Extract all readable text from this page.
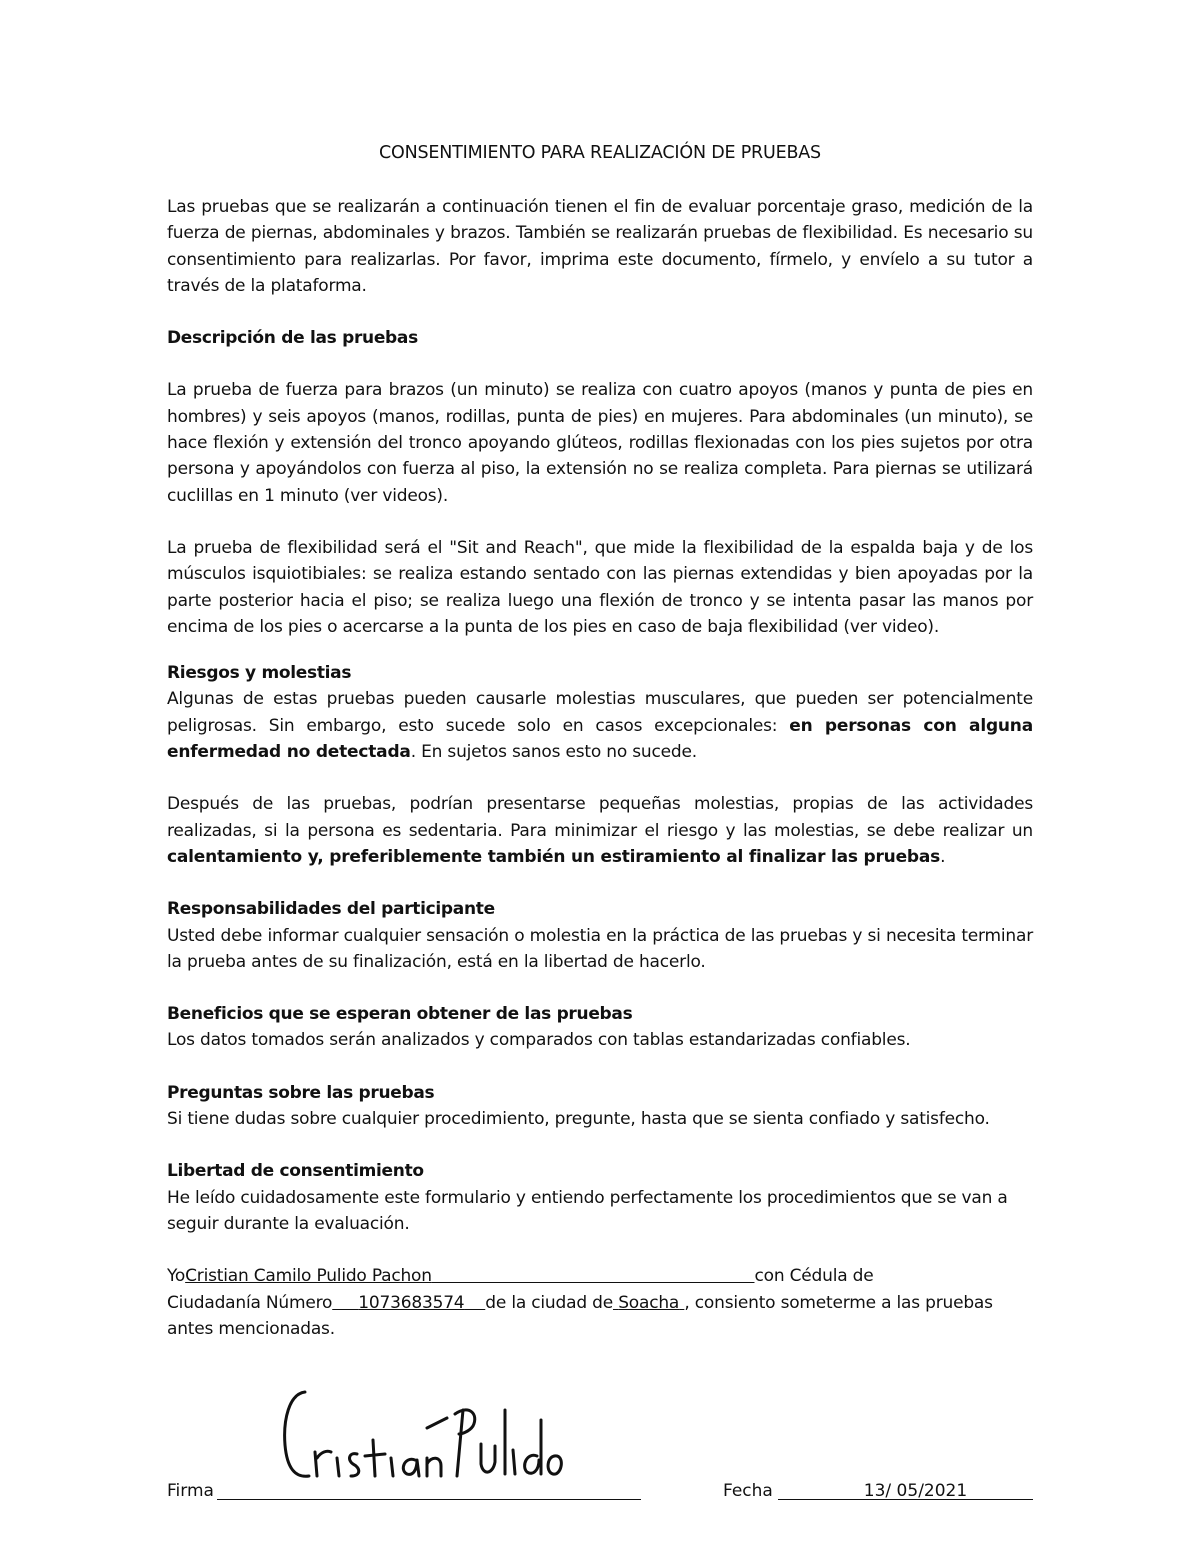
CONSENTIMIENTO PARA REALIZACIÓN DE PRUEBAS

Las pruebas que se realizarán a continuación tienen el fin de evaluar porcentaje graso, medición de la fuerza de piernas, abdominales y brazos. También se realizarán pruebas de flexibilidad. Es necesario su consentimiento para realizarlas. Por favor, imprima este documento, fírmelo, y envíelo a su tutor a través de la plataforma.

Descripción de las pruebas

La prueba de fuerza para brazos (un minuto) se realiza con cuatro apoyos (manos y punta de pies en hombres) y seis apoyos (manos, rodillas, punta de pies) en mujeres. Para abdominales (un minuto), se hace flexión y extensión del tronco apoyando glúteos, rodillas flexionadas con los pies sujetos por otra persona y apoyándolos con fuerza al piso, la extensión no se realiza completa. Para piernas se utilizará cuclillas en 1 minuto (ver videos).

La prueba de flexibilidad será el "Sit and Reach", que mide la flexibilidad de la espalda baja y de los músculos isquiotibiales: se realiza estando sentado con las piernas extendidas y bien apoyadas por la parte posterior hacia el piso; se realiza luego una flexión de tronco y se intenta pasar las manos por encima de los pies o acercarse a la punta de los pies en caso de baja flexibilidad (ver video).

Riesgos y molestias

Algunas de estas pruebas pueden causarle molestias musculares, que pueden ser potencialmente peligrosas. Sin embargo, esto sucede solo en casos excepcionales: en personas con alguna enfermedad no detectada. En sujetos sanos esto no sucede.

Después de las pruebas, podrían presentarse pequeñas molestias, propias de las actividades realizadas, si la persona es sedentaria. Para minimizar el riesgo y las molestias, se debe realizar un calentamiento y, preferiblemente también un estiramiento al finalizar las pruebas.

Responsabilidades del participante

Usted debe informar cualquier sensación o molestia en la práctica de las pruebas y si necesita terminar la prueba antes de su finalización, está en la libertad de hacerlo.

Beneficios que se esperan obtener de las pruebas

Los datos tomados serán analizados y comparados con tablas estandarizadas confiables.

Preguntas sobre las pruebas

Si tiene dudas sobre cualquier procedimiento, pregunte, hasta que se sienta confiado y satisfecho.

Libertad de consentimiento

He leído cuidadosamente este formulario y entiendo perfectamente los procedimientos que se van a seguir durante la evaluación.

YoCristian Camilo Pulido Pachon	con Cédula de
Ciudadanía Número 1073683574 de la ciudad de Soacha , consiento someterme a las pruebas antes mencionadas.

Firma	Fecha	13/ 05/2021
